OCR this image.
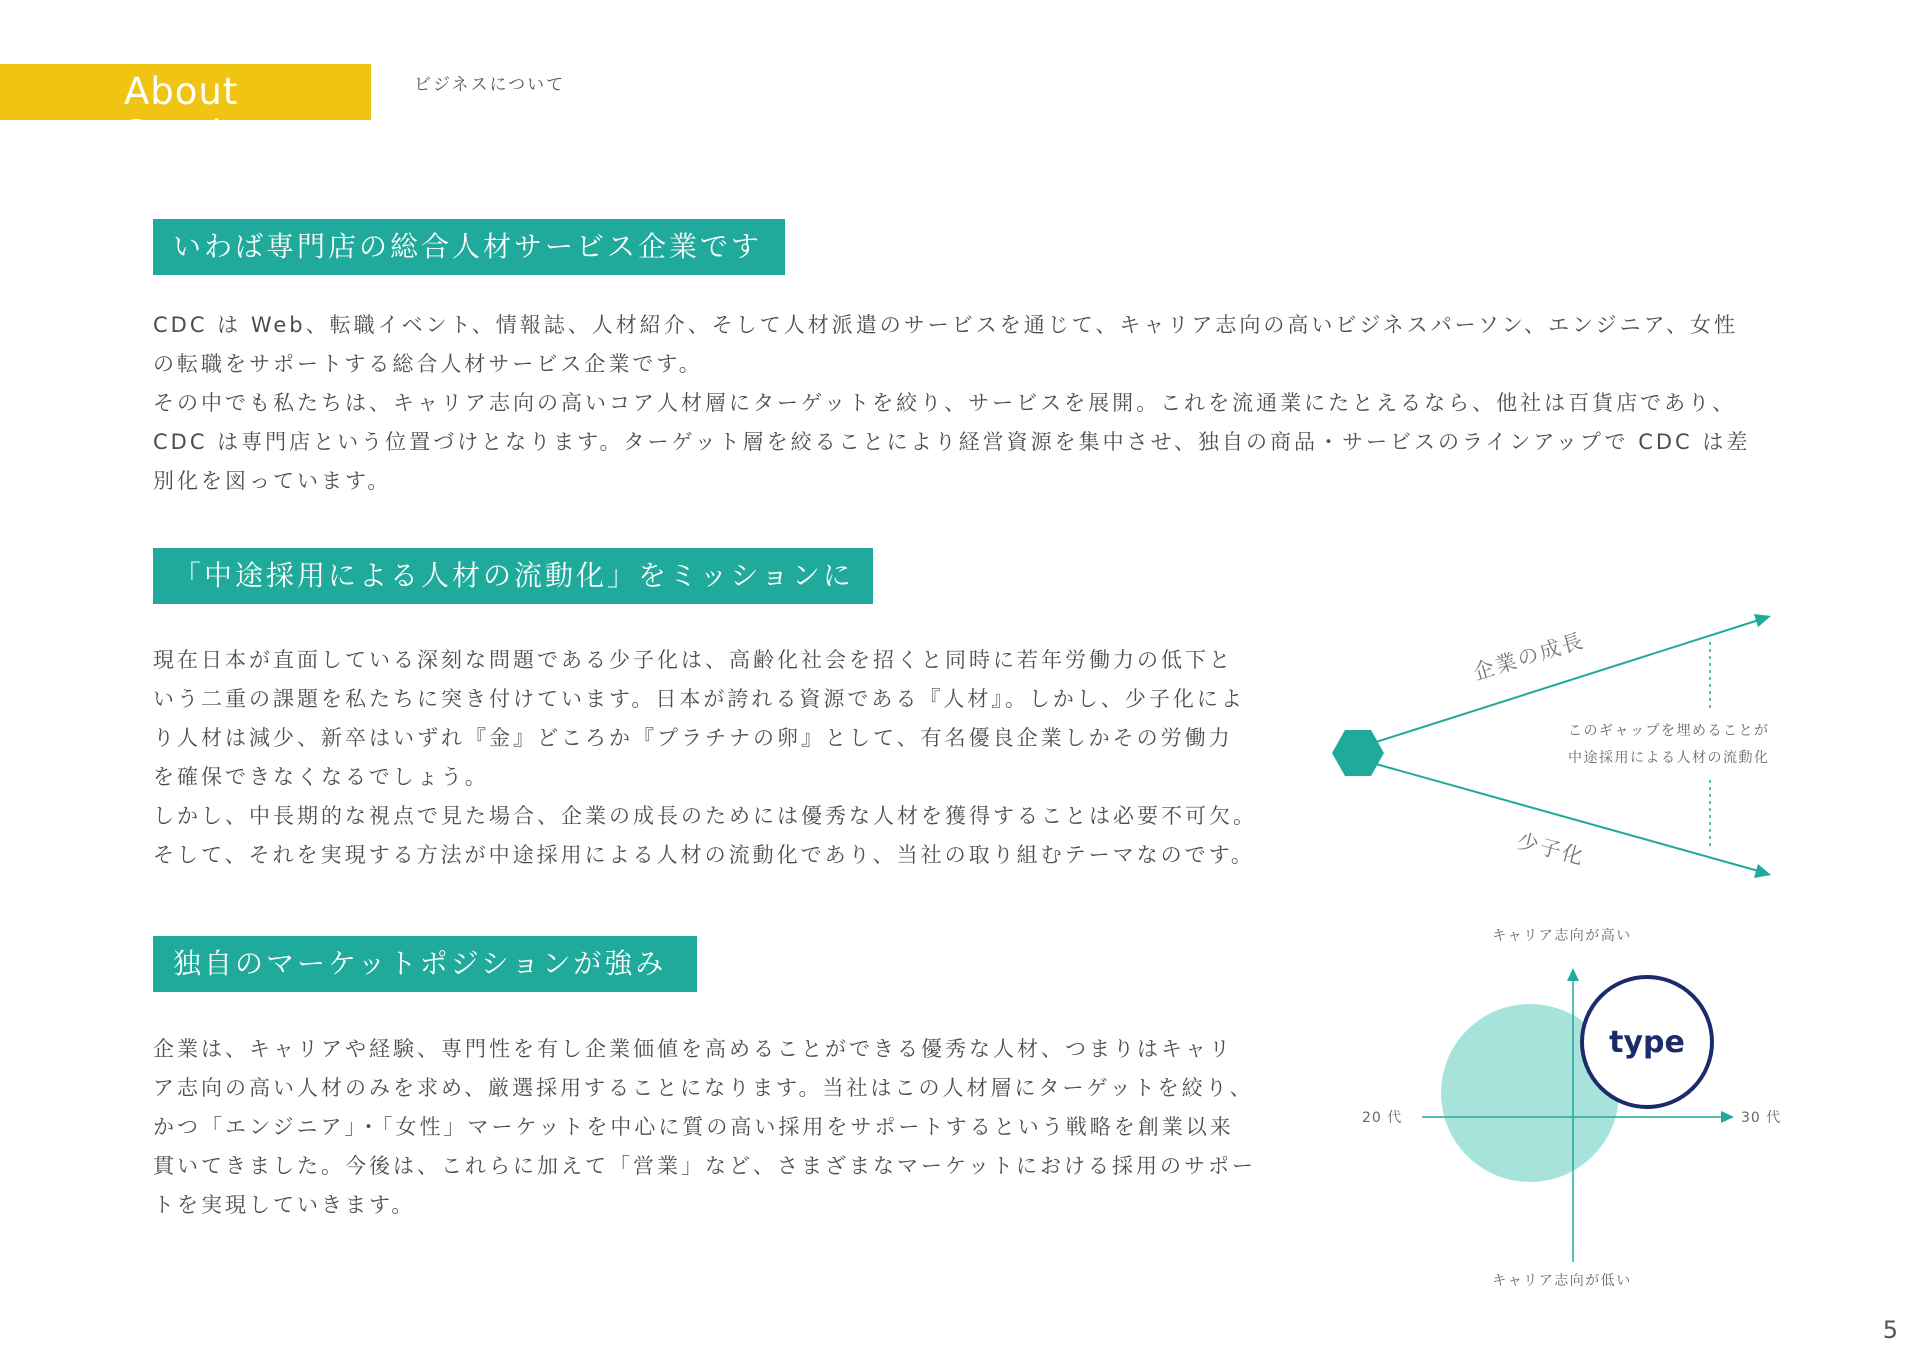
About Service
ビジネスについて
いわば専門店の総合人材サービス企業です

CDC は Web、転職イベント、情報誌、人材紹介、そして人材派遣のサービスを通じて、キャリア志向の高いビジネスパーソン、エンジニア、女性

の転職をサポートする総合人材サービス企業です。

その中でも私たちは、キャリア志向の高いコア人材層にターゲットを絞り、サービスを展開。これを流通業にたとえるなら、他社は百貨店であり、

CDC は専門店という位置づけとなります。ターゲット層を絞ることにより経営資源を集中させ、独自の商品・サービスのラインアップで CDC は差

別化を図っています。

「中途採用による人材の流動化」をミッションに

現在日本が直面している深刻な問題である少子化は、高齢化社会を招くと同時に若年労働力の低下と

いう二重の課題を私たちに突き付けています。日本が誇れる資源である『人材』。しかし、少子化によ

り人材は減少、新卒はいずれ『金』どころか『プラチナの卵』として、有名優良企業しかその労働力

を確保できなくなるでしょう。

しかし、中長期的な視点で見た場合、企業の成長のためには優秀な人材を獲得することは必要不可欠。

そして、それを実現する方法が中途採用による人材の流動化であり、当社の取り組むテーマなのです。

企業の成長
少子化
このギャップを埋めることが
中途採用による人材の流動化
独自のマーケットポジションが強み

企業は、キャリアや経験、専門性を有し企業価値を高めることができる優秀な人材、つまりはキャリ

ア志向の高い人材のみを求め、厳選採用することになります。当社はこの人材層にターゲットを絞り、

かつ「エンジニア」・「女性」マーケットを中心に質の高い採用をサポートするという戦略を創業以来

貫いてきました。今後は、これらに加えて「営業」など、さまざまなマーケットにおける採用のサポー

トを実現していきます。

type
キャリア志向が高い
キャリア志向が低い
20 代	30 代
5
